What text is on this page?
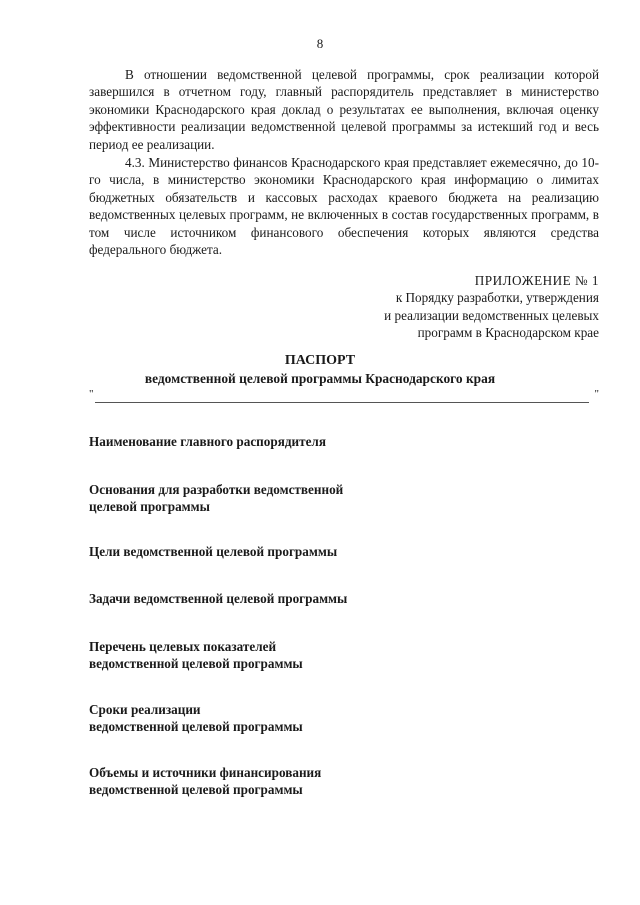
8

В отношении ведомственной целевой программы, срок реализации которой завершился в отчетном году, главный распорядитель представляет в министерство экономики Краснодарского края доклад о результатах ее выполнения, включая оценку эффективности реализации ведомственной целевой программы за истекший год и весь период ее реализации.

4.3. Министерство финансов Краснодарского края представляет ежемесячно, до 10-го числа, в министерство экономики Краснодарского края информацию о лимитах бюджетных обязательств и кассовых расходах краевого бюджета на реализацию ведомственных целевых программ, не включенных в состав государственных программ, в том числе источником финансового обеспечения которых являются средства федерального бюджета.

ПРИЛОЖЕНИЕ № 1
к Порядку разработки, утверждения
и реализации ведомственных целевых
программ в Краснодарском крае
ПАСПОРТ
ведомственной целевой программы Краснодарского края
"	"
Наименование главного распорядителя
Основания для разработки ведомственной
целевой программы
Цели ведомственной целевой программы
Задачи ведомственной целевой программы
Перечень целевых показателей
ведомственной целевой программы
Сроки реализации
ведомственной целевой программы
Объемы и источники финансирования
ведомственной целевой программы
